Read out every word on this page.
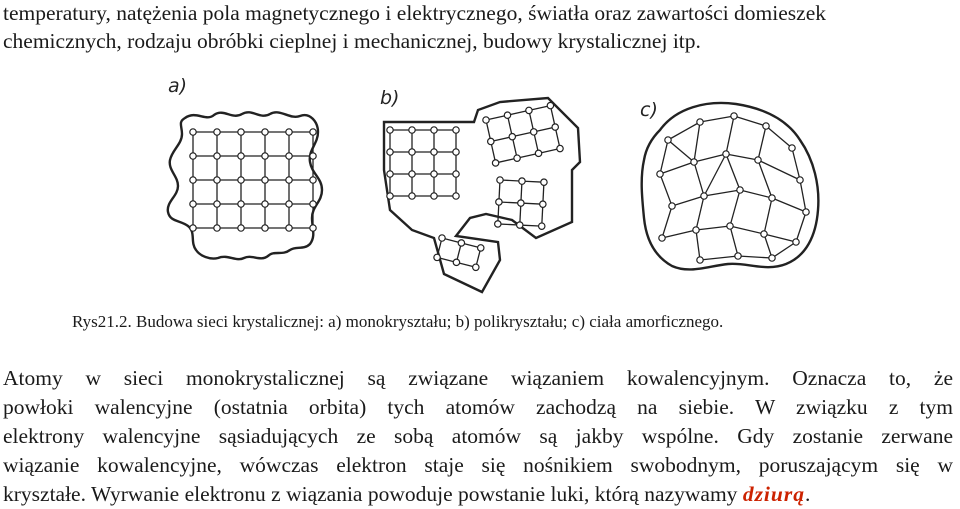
temperatury, natężenia pola magnetycznego i elektrycznego, światła oraz zawartości domieszek
chemicznych, rodzaju obróbki cieplnej i mechanicznej, budowy krystalicznej itp.
a)
b)
c)
Rys21.2. Budowa sieci krystalicznej: a) monokryształu; b) polikryształu; c) ciała amorficznego.
Atomy w sieci monokrystalicznej są związane wiązaniem kowalencyjnym. Oznacza to, że
powłoki walencyjne (ostatnia orbita) tych atomów zachodzą na siebie. W związku z tym
elektrony walencyjne sąsiadujących ze sobą atomów są jakby wspólne. Gdy zostanie zerwane
wiązanie kowalencyjne, wówczas elektron staje się nośnikiem swobodnym, poruszającym się w
kryształe. Wyrwanie elektronu z wiązania powoduje powstanie luki, którą nazywamy dziurą.
